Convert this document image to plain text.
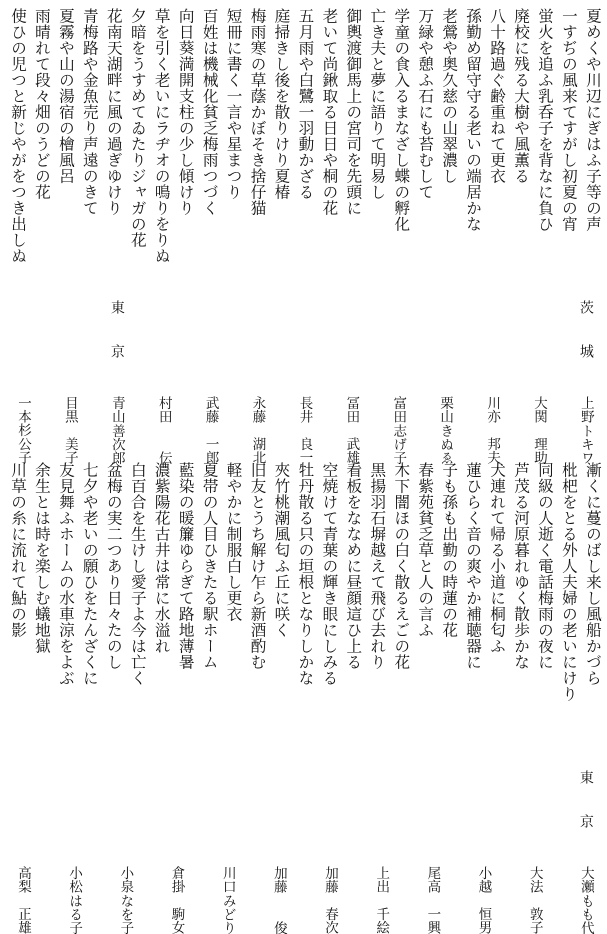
夏めくや川辺にぎはふ子等の声
一すぢの風来てすがし初夏の宵
蛍火を追ふ乳呑子を背なに負ひ
廃校に残る大樹や風薫る
八十路過ぐ齢重ねて更衣
孫勤め留守守る老いの端居かな
老鶯や奥久慈の山翠濃し
万緑や憩ふ石にも苔むして
学童の食入るまなざし蝶の孵化
亡き夫と夢に語りて明易し
御輿渡御馬上の宮司を先頭に
老いて尚鍬取る日日や桐の花
五月雨や白鷺一羽動かざる
庭掃きし後を散りけり夏椿
梅雨寒の草蔭かぼそき捨仔猫
短冊に書く一言や星まつり
百姓は機械化貧乏梅雨つづく
向日葵満開支柱の少し傾けり
草を引く老いにラヂオの鳴りをりぬ
夕暗をうすめてゐたりジャガの花
花南天湖畔に風の過ぎゆけり
青梅路や金魚売り声遠のきて
夏霧や山の湯宿の檜風呂
雨晴れて段々畑のうどの花
使ひの児つと新じやがをつき出しぬ
茨城
上野
トキワ
大関
理助
川亦
邦夫
栗山
きぬゑ
富田
志げ子
冨田
武雄
長井
良一
永藤
湖北
武藤
一郎
村田
伝
東京
青山
善次郎
目黒
美子
一本杉
公子
漸くに蔓のばし来し風船かづら
枇杷をとる外人夫婦の老いにけり
同級の人逝く電話梅雨の夜に
芦茂る河原暮れゆく散歩かな
犬連れて帰る小道に桐匂ふ
蓮ひらく音の爽やか補聴器に
子も孫も出勤の時蓮の花
春紫苑貧乏草と人の言ふ
木下闇ほの白く散るえごの花
黒揚羽石塀越えて飛び去れり
看板をななめに昼顔這ひ上る
空焼けて青葉の輝き眼にしみる
牡丹散る只の垣根となりしかな
夾竹桃潮風匂ふ丘に咲く
旧友とうち解け乍ら新酒酌む
軽やかに制服白し更衣
夏帯の人目ひきたる駅ホーム
藍染の暖簾ゆらぎて路地薄暑
濃紫陽花古井は常に水溢れ
白百合を生けし愛子よ今は亡く
盆梅の実二つあり日々たのし
七夕や老いの願ひをたんざくに
友見舞ふホームの水車涼をよぶ
余生とは時を楽しむ蟻地獄
川草の糸に流れて鮎の影
東京
大瀬
もも代
大法
敦子
小越
恒男
尾高
一興
上出
千絵
加藤
春次
加藤
俊
川口
みどり
倉掛
駒女
小泉
なを子
小松
はる子
高梨
正雄
